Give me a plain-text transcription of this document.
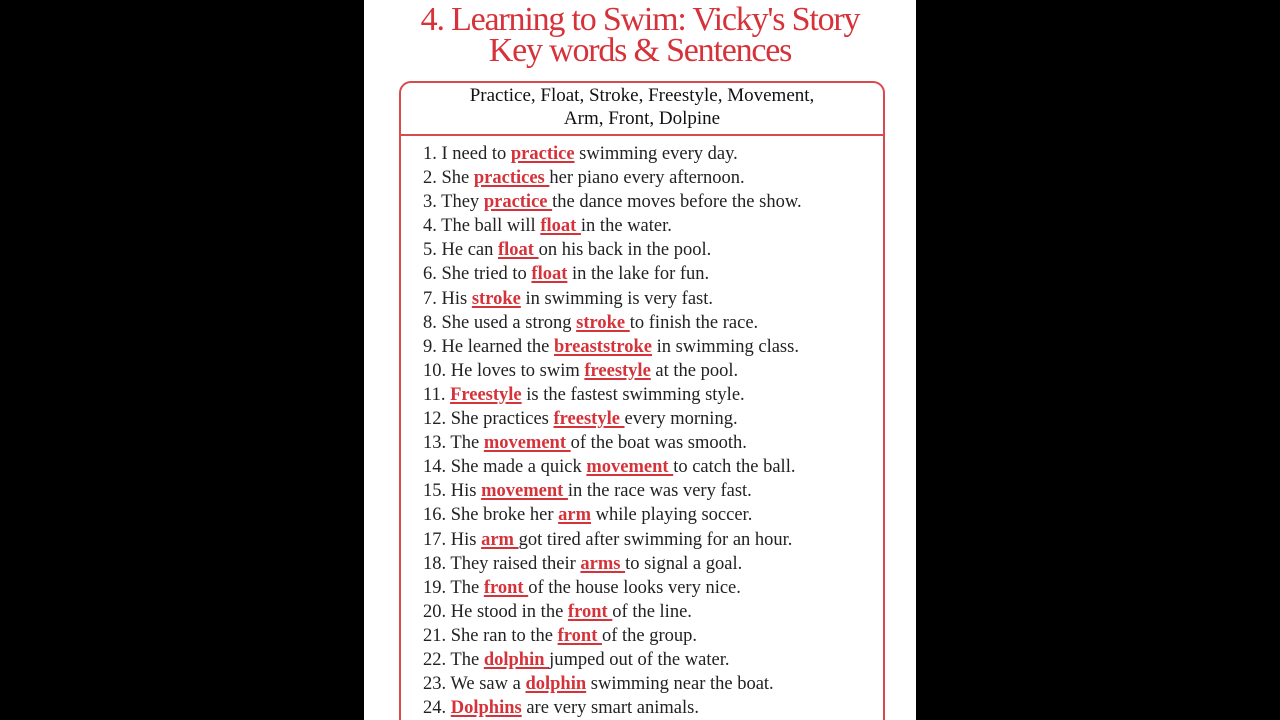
4. Learning to Swim: Vicky's Story
Key words & Sentences
Practice, Float, Stroke, Freestyle, Movement,
Arm, Front, Dolpine
1. I need to practice swimming every day.
2. She practices her piano every afternoon.
3. They practice the dance moves before the show.
4. The ball will float in the water.
5. He can float on his back in the pool.
6. She tried to float in the lake for fun.
7. His stroke in swimming is very fast.
8. She used a strong stroke to finish the race.
9. He learned the breaststroke in swimming class.
10. He loves to swim freestyle at the pool.
11. Freestyle is the fastest swimming style.
12. She practices freestyle every morning.
13. The movement of the boat was smooth.
14. She made a quick movement to catch the ball.
15. His movement in the race was very fast.
16. She broke her arm while playing soccer.
17. His arm got tired after swimming for an hour.
18. They raised their arms to signal a goal.
19. The front of the house looks very nice.
20. He stood in the front of the line.
21. She ran to the front of the group.
22. The dolphin jumped out of the water.
23. We saw a dolphin swimming near the boat.
24. Dolphins are very smart animals.
